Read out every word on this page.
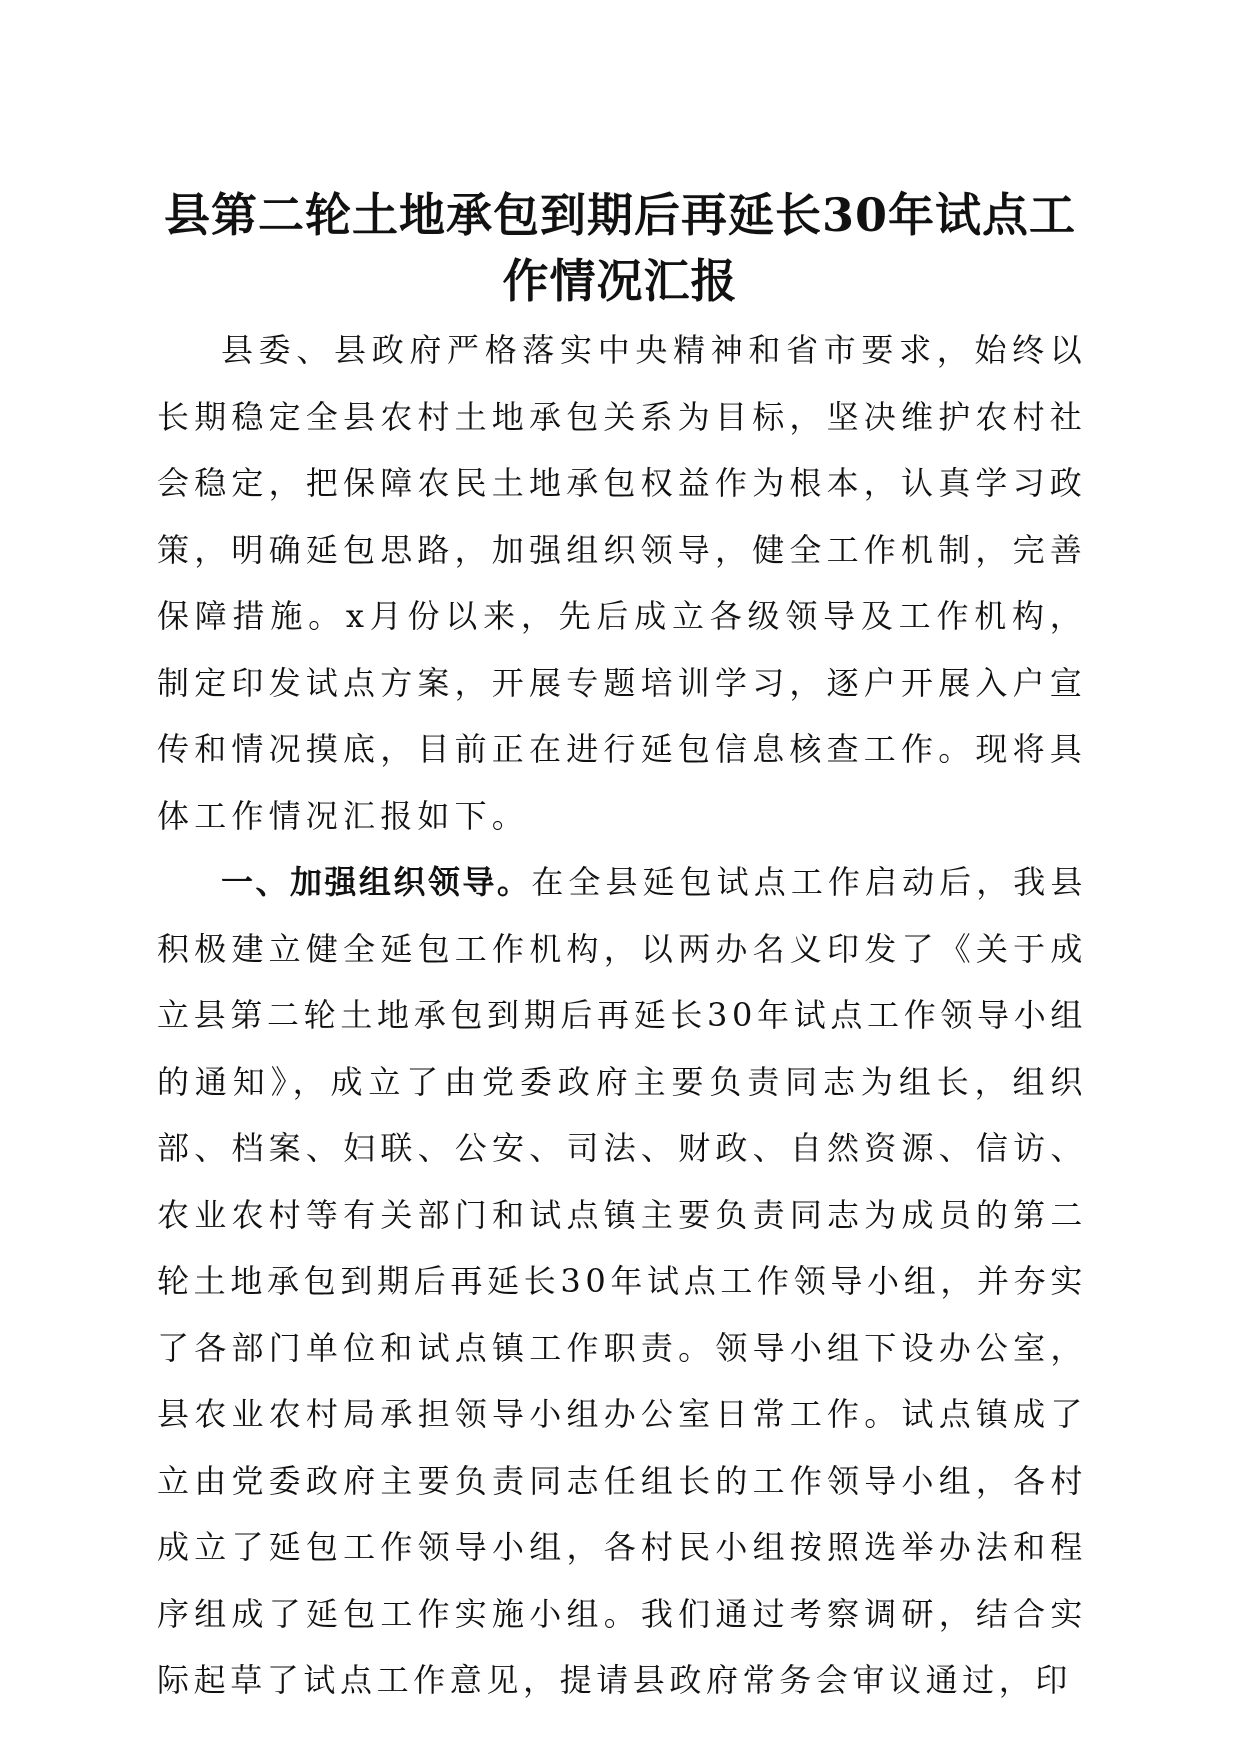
县第二轮土地承包到期后再延长30年试点工作情况汇报

县委、县政府严格落实中央精神和省市要求，始终以长期稳定全县农村土地承包关系为目标，坚决维护农村社会稳定，把保障农民土地承包权益作为根本，认真学习政策，明确延包思路，加强组织领导，健全工作机制，完善保障措施。x月份以来，先后成立各级领导及工作机构，制定印发试点方案，开展专题培训学习，逐户开展入户宣传和情况摸底，目前正在进行延包信息核查工作。现将具体工作情况汇报如下。

一、加强组织领导。在全县延包试点工作启动后，我县积极建立健全延包工作机构，以两办名义印发了《关于成立县第二轮土地承包到期后再延长30年试点工作领导小组的通知》，成立了由党委政府主要负责同志为组长，组织部、档案、妇联、公安、司法、财政、自然资源、信访、农业农村等有关部门和试点镇主要负责同志为成员的第二轮土地承包到期后再延长30年试点工作领导小组，并夯实了各部门单位和试点镇工作职责。领导小组下设办公室，县农业农村局承担领导小组办公室日常工作。试点镇成了立由党委政府主要负责同志任组长的工作领导小组，各村成立了延包工作领导小组，各村民小组按照选举办法和程序组成了延包工作实施小组。我们通过考察调研，结合实际起草了试点工作意见，提请县政府常务会审议通过，印
